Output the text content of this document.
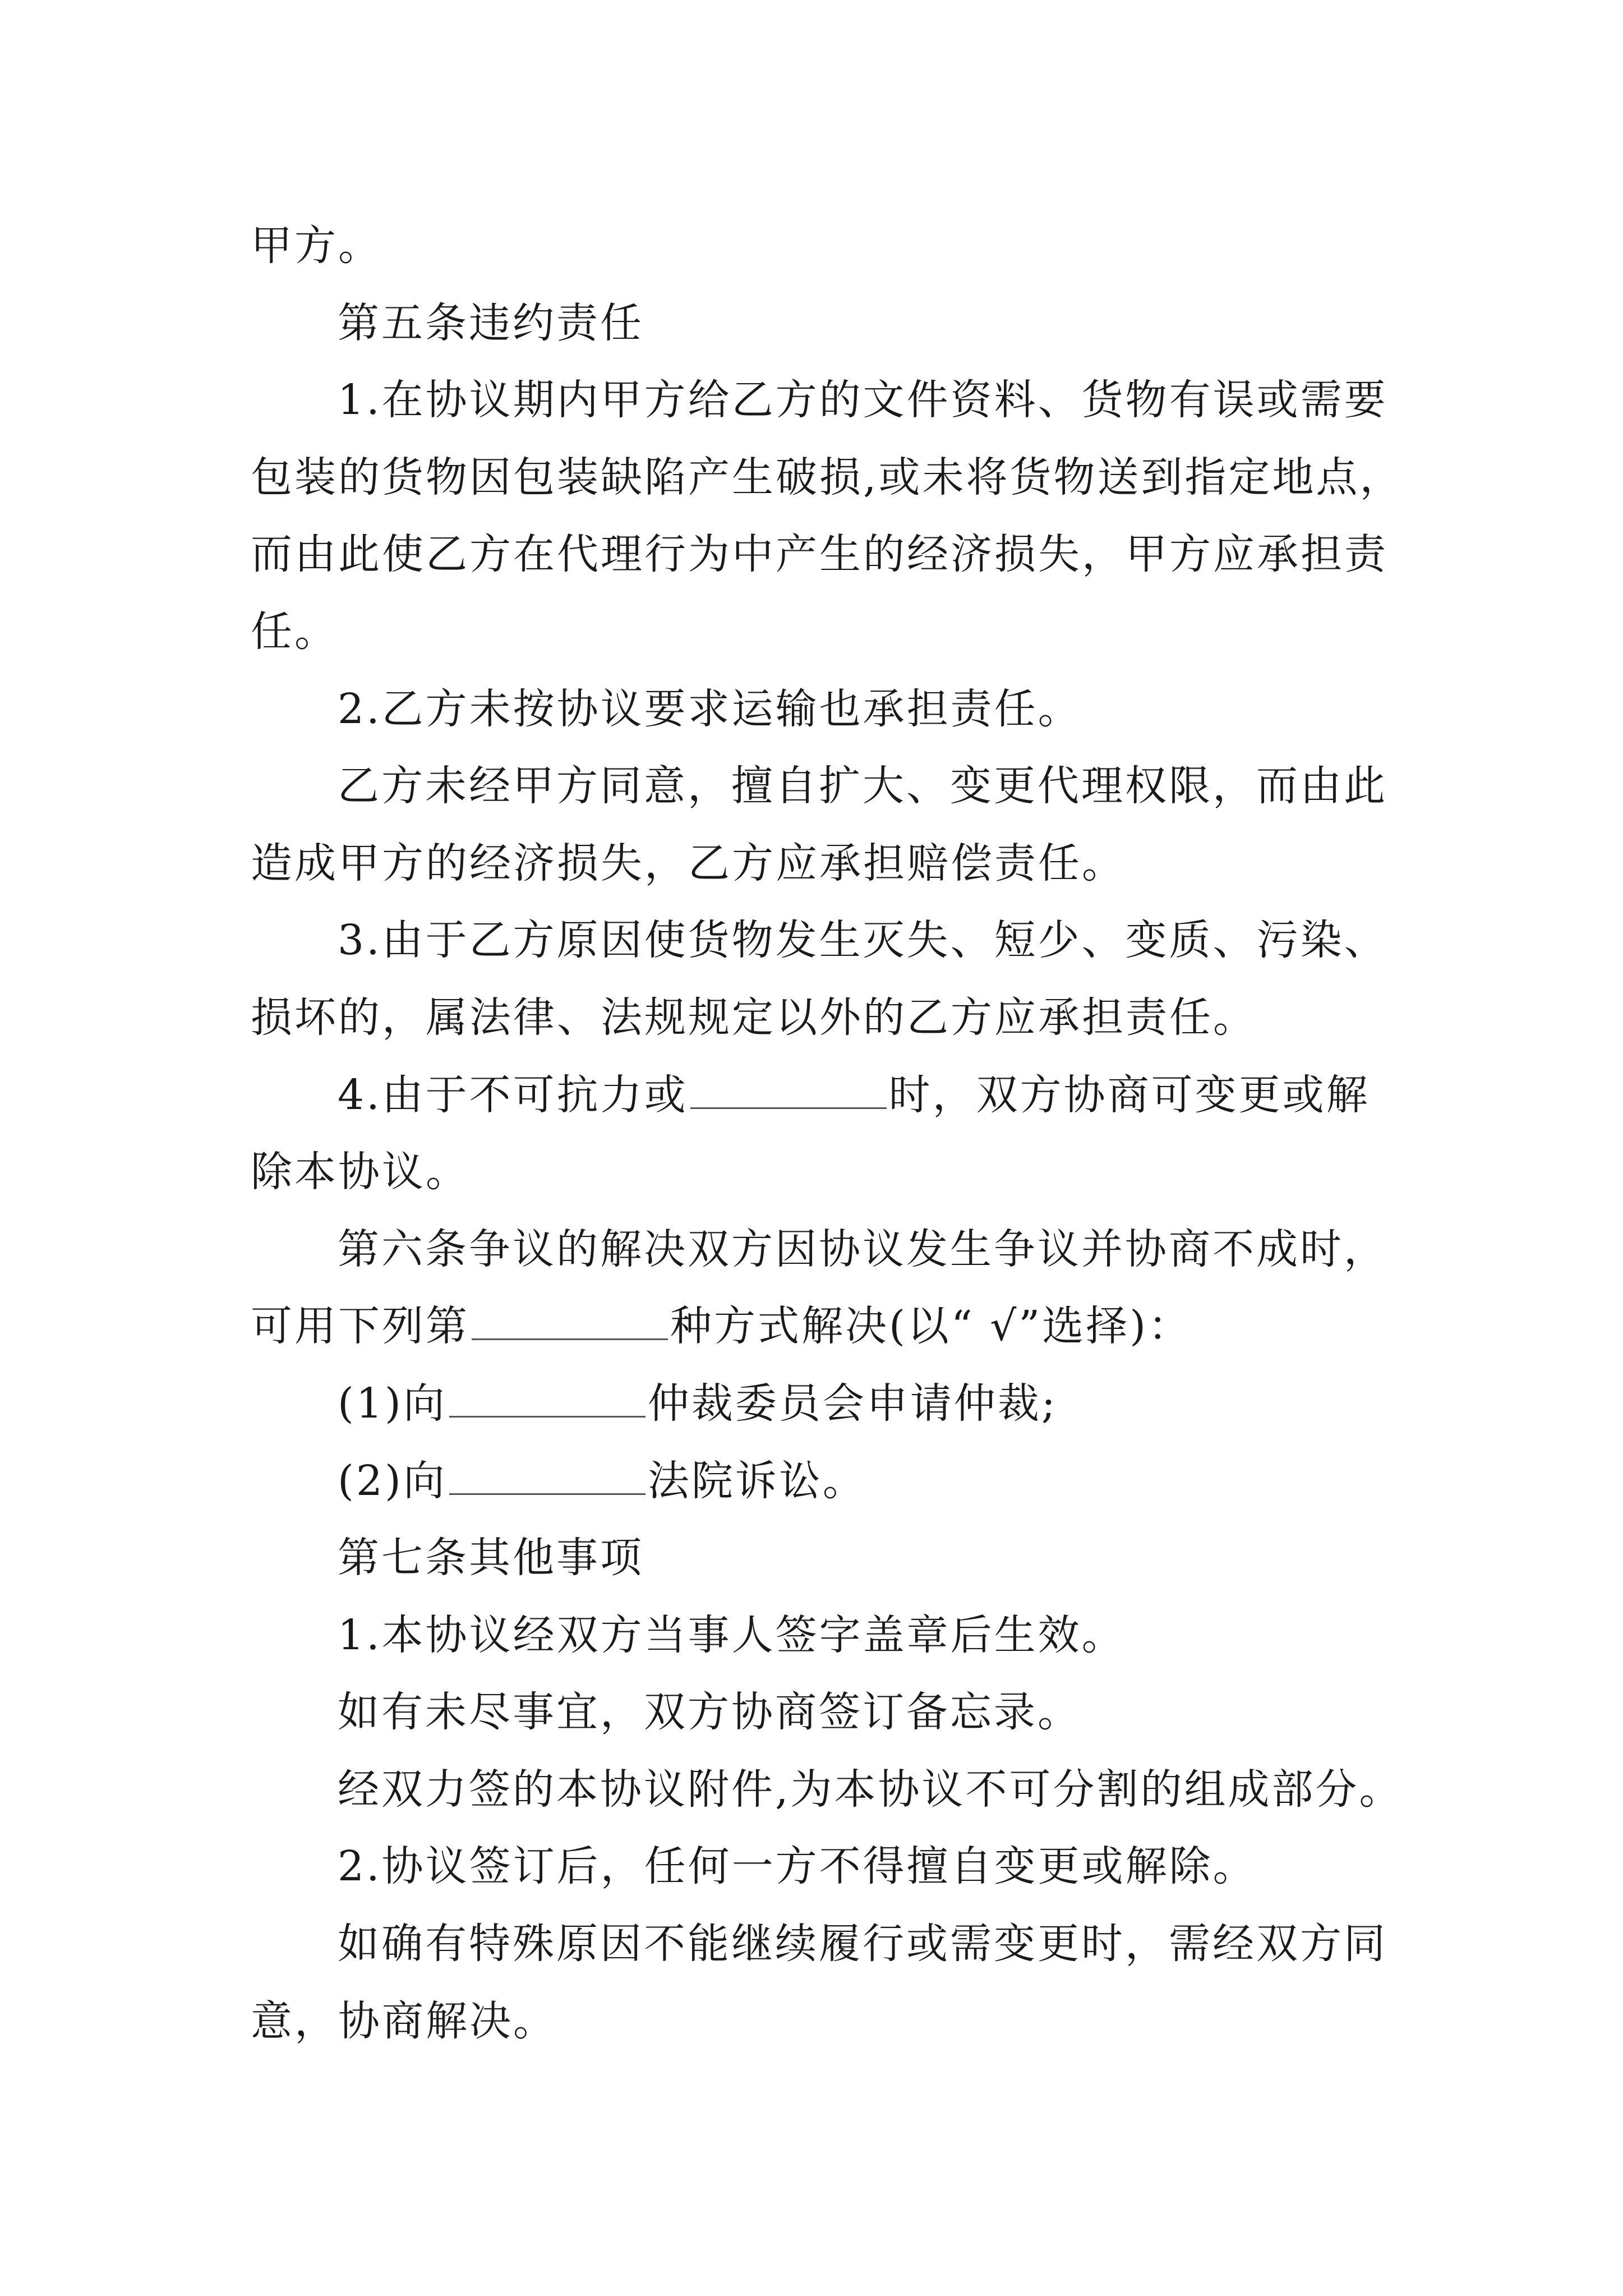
甲方。
第五条违约责任
1.在协议期内甲方给乙方的文件资料、货物有误或需要
包装的货物因包装缺陷产生破损,或未将货物送到指定地点，
而由此使乙方在代理行为中产生的经济损失，甲方应承担责
任。
2.乙方未按协议要求运输也承担责任。
乙方未经甲方同意，擅自扩大、变更代理权限，而由此
造成甲方的经济损失，乙方应承担赔偿责任。
3.由于乙方原因使货物发生灭失、短少、变质、污染、
损坏的，属法律、法规规定以外的乙方应承担责任。
4.由于不可抗力或	时，双方协商可变更或解
除本协议。
第六条争议的解决双方因协议发生争议并协商不成时，
可用下列第	种方式解决(以“ √”选择)：
(1)向	仲裁委员会申请仲裁;
(2)向	法院诉讼。
第七条其他事项
1.本协议经双方当事人签字盖章后生效。
如有未尽事宜，双方协商签订备忘录。
经双力签的本协议附件,为本协议不可分割的组成部分。
2.协议签订后，任何一方不得擅自变更或解除。
如确有特殊原因不能继续履行或需变更时，需经双方同
意，协商解决。
